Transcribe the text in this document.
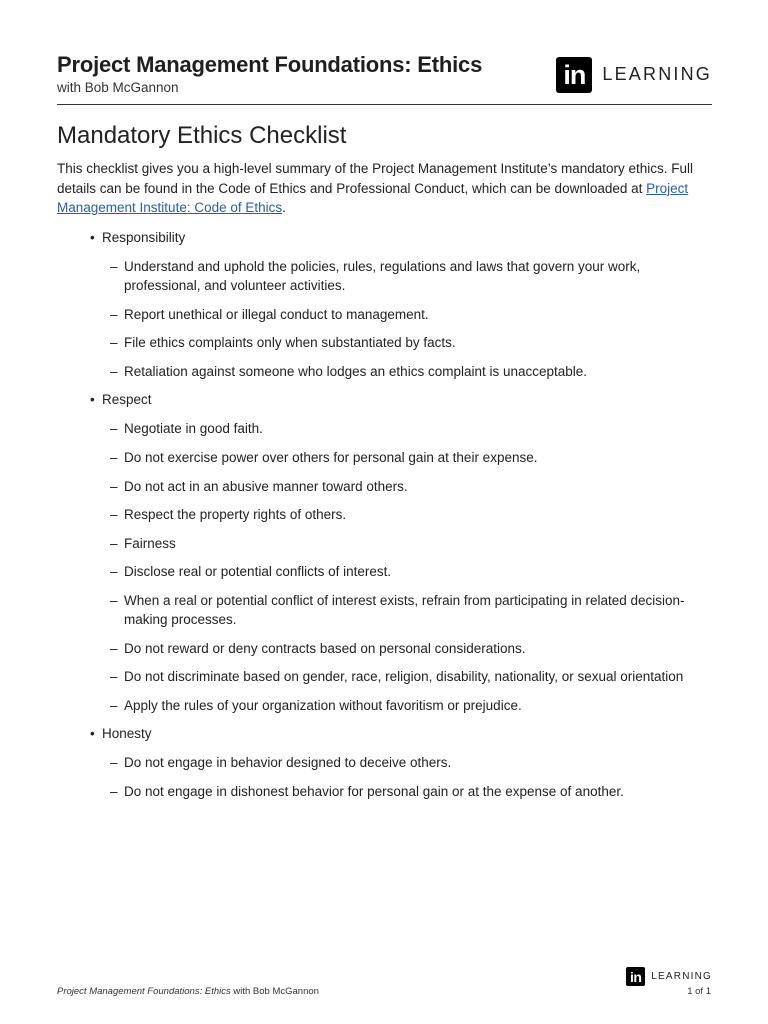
Project Management Foundations: Ethics
with Bob McGannon	in LEARNING
Mandatory Ethics Checklist

This checklist gives you a high-level summary of the Project Management Institute’s mandatory ethics. Full details can be found in the Code of Ethics and Professional Conduct, which can be downloaded at Project Management Institute: Code of Ethics.

• Responsibility
– Understand and uphold the policies, rules, regulations and laws that govern your work, professional, and volunteer activities.
– Report unethical or illegal conduct to management.
– File ethics complaints only when substantiated by facts.
– Retaliation against someone who lodges an ethics complaint is unacceptable.
• Respect
– Negotiate in good faith.
– Do not exercise power over others for personal gain at their expense.
– Do not act in an abusive manner toward others.
– Respect the property rights of others.
– Fairness
– Disclose real or potential conflicts of interest.
– When a real or potential conflict of interest exists, refrain from participating in related decision-making processes.
– Do not reward or deny contracts based on personal considerations.
– Do not discriminate based on gender, race, religion, disability, nationality, or sexual orientation
– Apply the rules of your organization without favoritism or prejudice.
• Honesty
– Do not engage in behavior designed to deceive others.
– Do not engage in dishonest behavior for personal gain or at the expense of another.
in LEARNING
Project Management Foundations: Ethics with Bob McGannon	1 of 1
